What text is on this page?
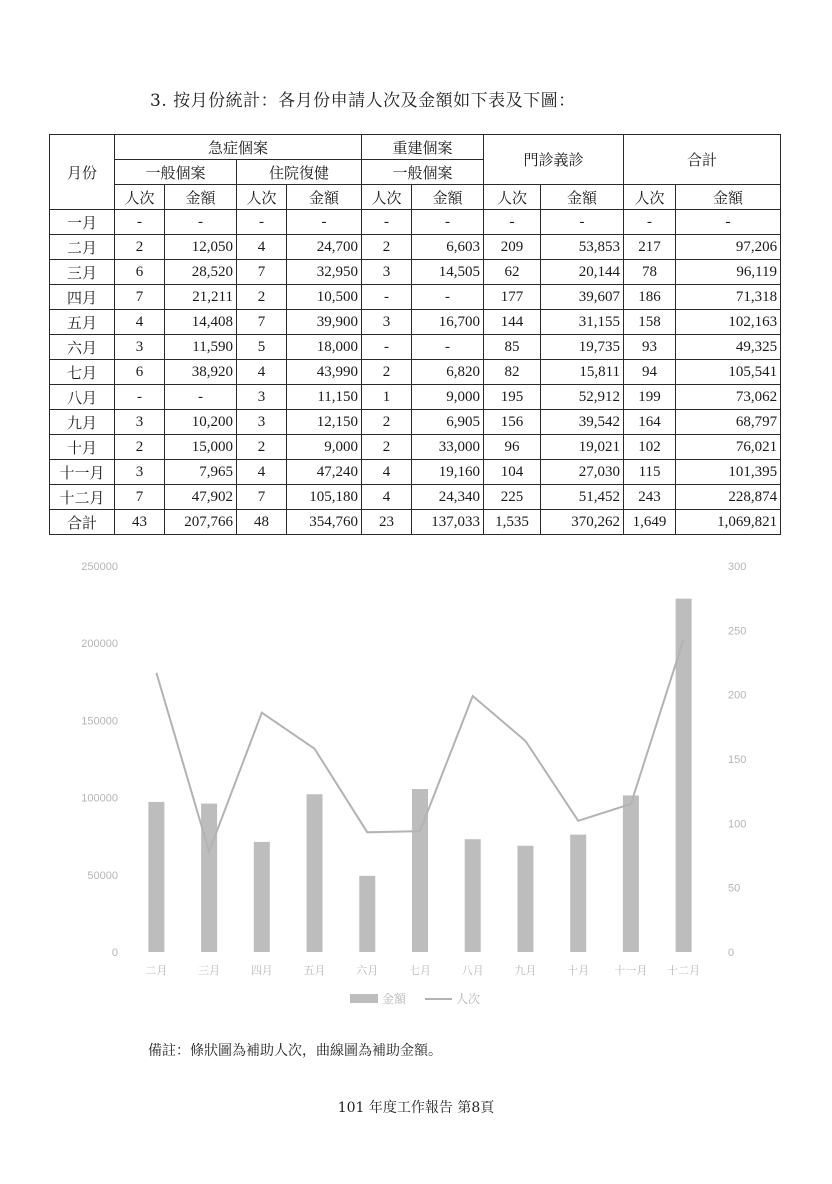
3. 按月份統計：各月份申請人次及金額如下表及下圖：
月份	急症個案				重建個案		門診義診		合計	
	一般個案		住院復健		一般個案					
	人次	金額	人次	金額	人次	金額	人次	金額	人次	金額
一月	-	-	-	-	-	-	-	-	-	-
二月	2	12,050	4	24,700	2	6,603	209	53,853	217	97,206
三月	6	28,520	7	32,950	3	14,505	62	20,144	78	96,119
四月	7	21,211	2	10,500	-	-	177	39,607	186	71,318
五月	4	14,408	7	39,900	3	16,700	144	31,155	158	102,163
六月	3	11,590	5	18,000	-	-	85	19,735	93	49,325
七月	6	38,920	4	43,990	2	6,820	82	15,811	94	105,541
八月	-	-	3	11,150	1	9,000	195	52,912	199	73,062
九月	3	10,200	3	12,150	2	6,905	156	39,542	164	68,797
十月	2	15,000	2	9,000	2	33,000	96	19,021	102	76,021
十一月	3	7,965	4	47,240	4	19,160	104	27,030	115	101,395
十二月	7	47,902	7	105,180	4	24,340	225	51,452	243	228,874
合計	43	207,766	48	354,760	23	137,033	1,535	370,262	1,649	1,069,821
0
50000
100000
150000
200000
250000
0
50
100
150
200
250
300
二月	三月	四月	五月	六月	七月	八月	九月	十月 十一月 十二月
金額	人次
備註：條狀圖為補助人次，曲線圖為補助金額。
101 年度工作報告 第8頁
